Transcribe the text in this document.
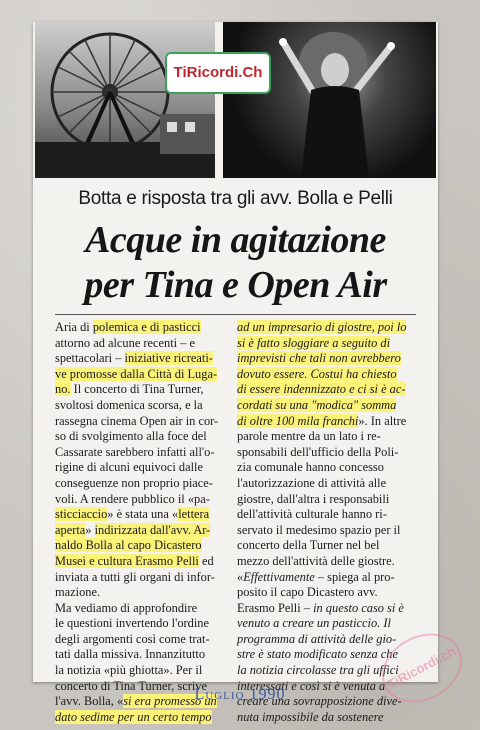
TiRicordi.Ch
Botta e risposta tra gli avv. Bolla e Pelli
Acque in agitazione
per Tina e Open Air
Aria di polemica e di pasticci
attorno ad alcune recenti – e
spettacolari – iniziative ricreati-
ve promosse dalla Città di Luga-
no. Il concerto di Tina Turner,
svoltosi domenica scorsa, e la
rassegna cinema Open air in cor-
so di svolgimento alla foce del
Cassarate sarebbero infatti all'o-
rigine di alcuni equivoci dalle
conseguenze non proprio piace-
voli. A rendere pubblico il «pa-
sticciaccio» è stata una «lettera
aperta» indirizzata dall'avv. Ar-
naldo Bolla al capo Dicastero
Musei e cultura Erasmo Pelli ed
inviata a tutti gli organi di infor-
mazione.
Ma vediamo di approfondire
le questioni invertendo l'ordine
degli argomenti così come trat-
tati dalla missiva. Innanzitutto
la notizia «più ghiotta». Per il
concerto di Tina Turner, scrive
l'avv. Bolla, «si era promesso un
dato sedime per un certo tempo
ad un impresario di giostre, poi lo
si è fatto sloggiare a seguito di
imprevisti che tali non avrebbero
dovuto essere. Costui ha chiesto
di essere indennizzato e ci si è ac-
cordati su una "modica" somma
di oltre 100 mila franchi». In altre
parole mentre da un lato i re-
sponsabili dell'ufficio della Poli-
zia comunale hanno concesso
l'autorizzazione di attività alle
giostre, dall'altra i responsabili
dell'attività culturale hanno ri-
servato il medesimo spazio per il
concerto della Turner nel bel
mezzo dell'attività delle giostre.
«Effettivamente – spiega al pro-
posito il capo Dicastero avv.
Erasmo Pelli – in questo caso si è
venuto a creare un pasticcio. Il
programma di attività delle gio-
stre è stato modificato senza che
la notizia circolasse tra gli uffici
interessati e così si è venuta a
creare una sovrapposizione dive-
nuta impossibile da sostenere
Luglio 1990
TiRicordi.ch
